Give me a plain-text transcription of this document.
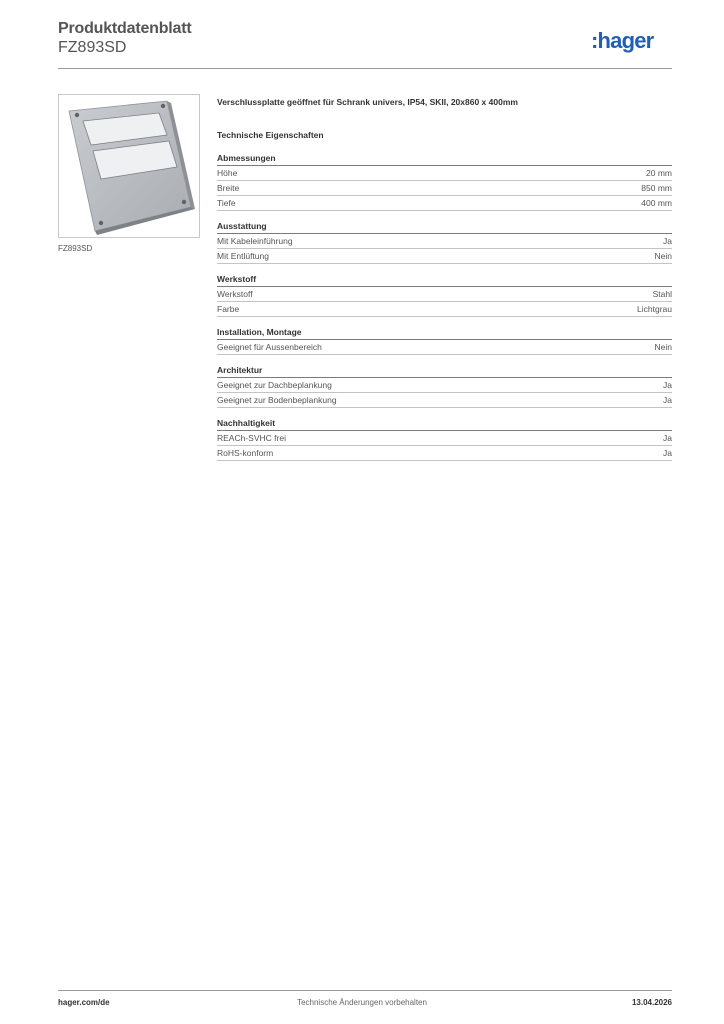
Produktdatenblatt
FZ893SD	:hager
FZ893SD
Verschlussplatte geöffnet für Schrank univers, IP54, SKII, 20x860 x 400mm
Technische Eigenschaften
Abmessungen
Höhe	20 mm
Breite	850 mm
Tiefe	400 mm
Ausstattung
Mit Kabeleinführung	Ja
Mit Entlüftung	Nein
Werkstoff
Werkstoff	Stahl
Farbe	Lichtgrau
Installation, Montage
Geeignet für Aussenbereich	Nein
Architektur
Geeignet zur Dachbeplankung	Ja
Geeignet zur Bodenbeplankung	Ja
Nachhaltigkeit
REACh-SVHC frei	Ja
RoHS-konform	Ja
Technische Änderungen vorbehalten
hager.com/de	13.04.2026
